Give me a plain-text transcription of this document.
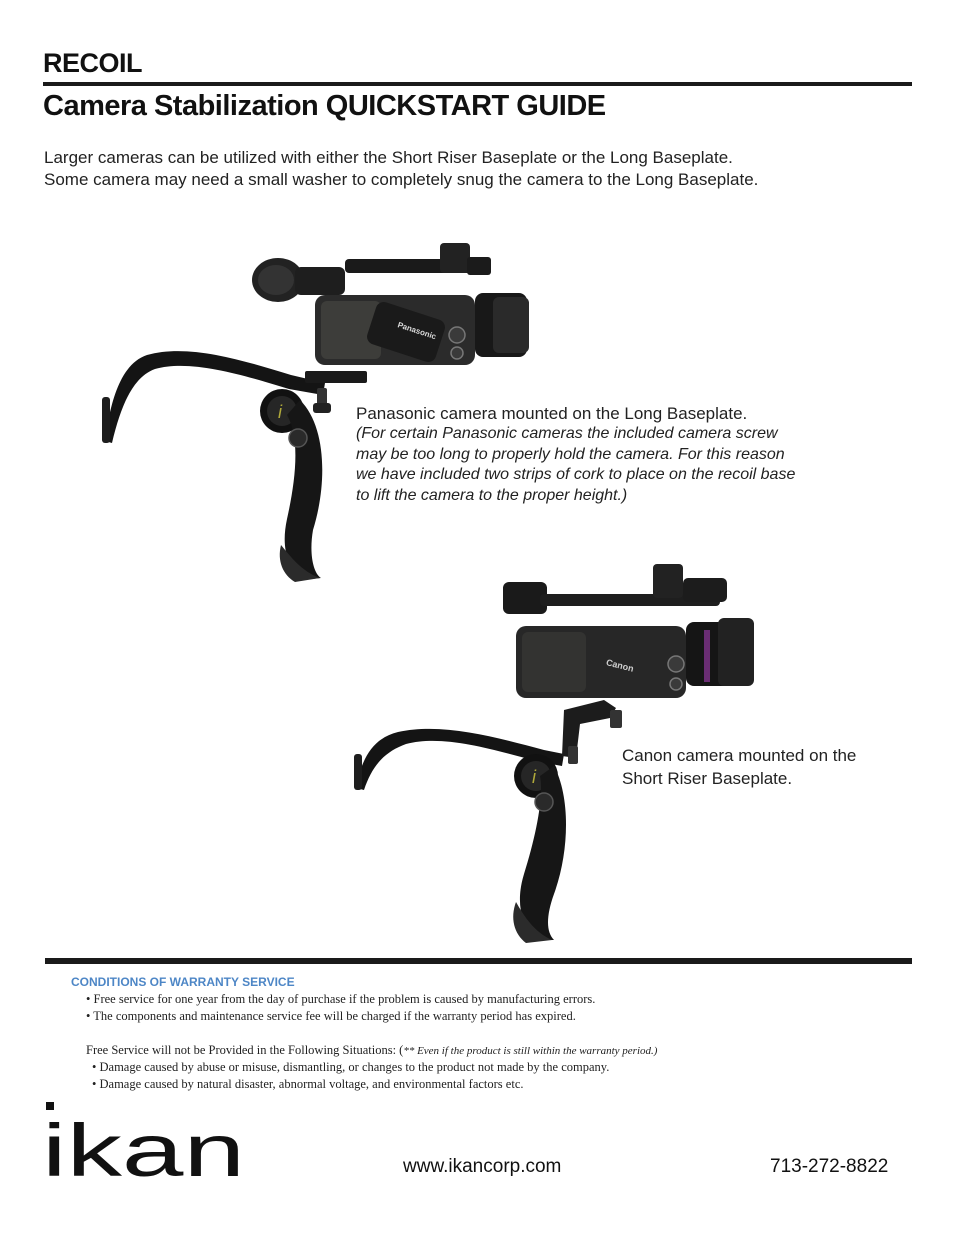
RECOIL
Camera Stabilization QUICKSTART GUIDE
Larger cameras can be utilized with either the Short Riser Baseplate or the Long Baseplate.
Some camera may need a small washer to completely snug the camera to the Long Baseplate.
i
Panasonic
Panasonic camera mounted on the Long Baseplate.
(For certain Panasonic cameras the included camera screw
may be too long to properly hold the camera. For this reason
we have included two strips of cork to place on the recoil base
to lift the camera to the proper height.)
i
Canon
Canon camera mounted on the
Short Riser Baseplate.
CONDITIONS OF WARRANTY SERVICE
• Free service for one year from the day of purchase if the problem is caused by manufacturing errors.
• The components and maintenance service fee will be charged if the warranty period has expired.
Free Service will not be Provided in the Following Situations: (** Even if the product is still within the warranty period.)
• Damage caused by abuse or misuse, dismantling, or changes to the product not made by the company.
• Damage caused by natural disaster, abnormal voltage, and environmental factors etc.
ikan	www.ikancorp.com	713-272-8822
